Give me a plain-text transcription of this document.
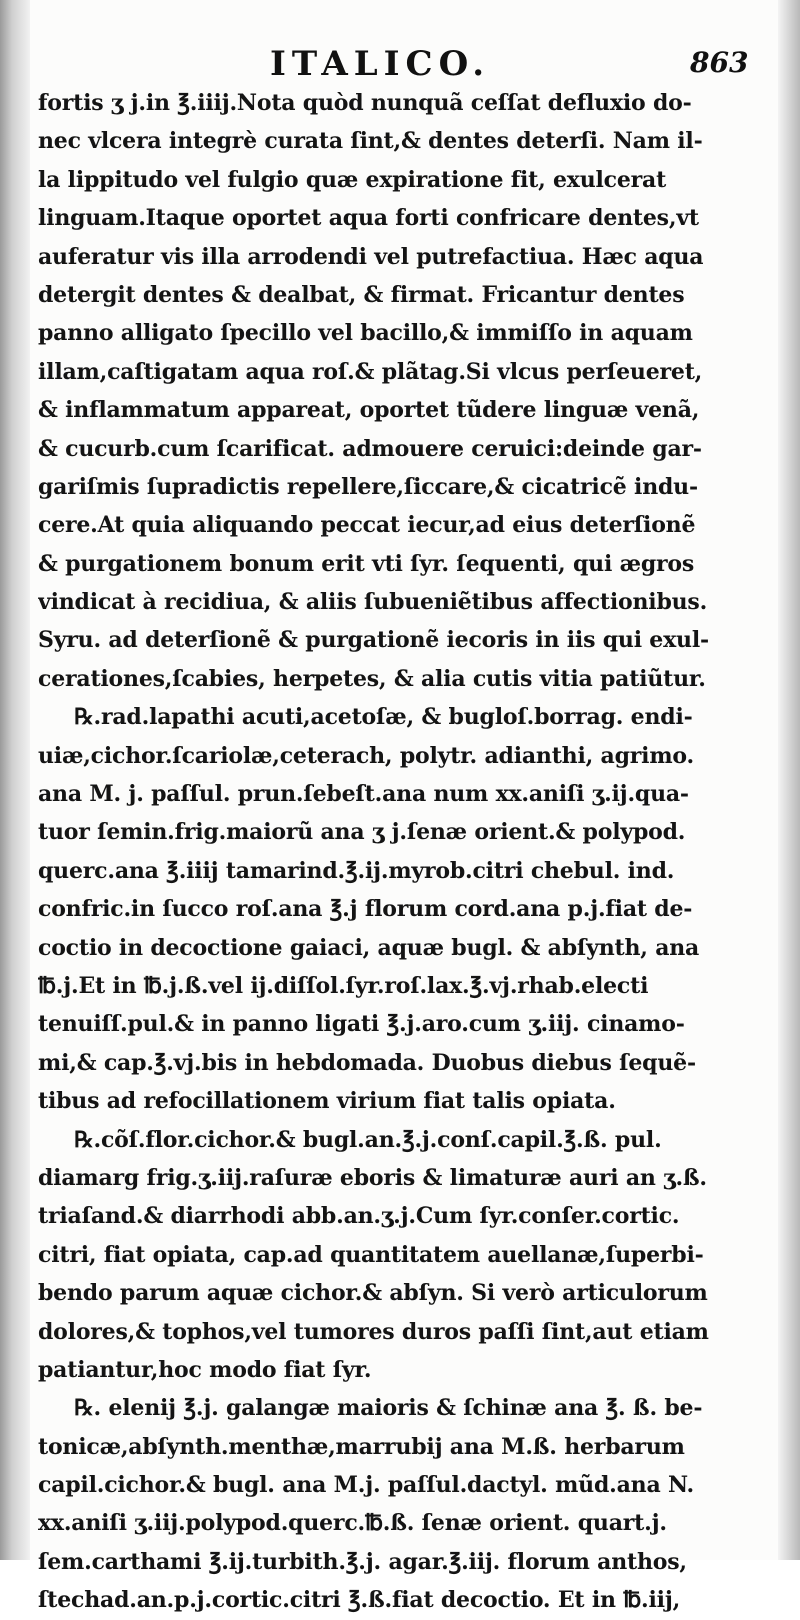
ITALICO.	863
fortis ʒ j.in ℥.iiij.Nota quòd nunquã ceſſat defluxio do-
nec vlcera integrè curata ſint,& dentes deterſi. Nam il-
la lippitudo vel fulgio quæ expiratione fit, exulcerat
linguam.Itaque oportet aqua forti confricare dentes,vt
auferatur vis illa arrodendi vel putrefactiua. Hæc aqua
detergit dentes & dealbat, & firmat. Fricantur dentes
panno alligato ſpecillo vel bacillo,& immiſſo in aquam
illam,caſtigatam aqua roſ.& plãtag.Si vlcus perſeueret,
& inflammatum appareat, oportet tũdere linguæ venã,
& cucurb.cum ſcarificat. admouere ceruici:deinde gar-
gariſmis ſupradictis repellere,ſiccare,& cicatricẽ indu-
cere.At quia aliquando peccat iecur,ad eius deterſionẽ
& purgationem bonum erit vti ſyr. ſequenti, qui ægros
vindicat à recidiua, & aliis ſubueniẽtibus affectionibus.
Syru. ad deterſionẽ & purgationẽ iecoris in iis qui exul-
cerationes,ſcabies, herpetes, & alia cutis vitia patiũtur.
℞.rad.lapathi acuti,acetoſæ, & bugloſ.borrag. endi-
uiæ,cichor.ſcariolæ,ceterach, polytr. adianthi, agrimo.
ana M. j. paſſul. prun.ſebeſt.ana num xx.aniſi ʒ.ij.qua-
tuor ſemin.frig.maiorũ ana ʒ j.ſenæ orient.& polypod.
querc.ana ℥.iiij tamarind.℥.ij.myrob.citri chebul. ind.
confric.in ſucco roſ.ana ℥.j florum cord.ana p.j.fiat de-
coctio in decoctione gaiaci, aquæ bugl. & abſynth, ana
℔.j.Et in ℔.j.ß.vel ij.diſſol.ſyr.roſ.lax.℥.vj.rhab.electi
tenuiſſ.pul.& in panno ligati ℥.j.aro.cum ʒ.iij. cinamo-
mi,& cap.℥.vj.bis in hebdomada. Duobus diebus ſequẽ-
tibus ad refocillationem virium fiat talis opiata.
℞.cõſ.flor.cichor.& bugl.an.℥.j.conſ.capil.℥.ß. pul.
diamarg frig.ʒ.iij.raſuræ eboris & limaturæ auri an ʒ.ß.
triaſand.& diarrhodi abb.an.ʒ.j.Cum ſyr.conſer.cortic.
citri, fiat opiata, cap.ad quantitatem auellanæ,ſuperbi-
bendo parum aquæ cichor.& abſyn. Si verò articulorum
dolores,& tophos,vel tumores duros paſſi ſint,aut etiam
patiantur,hoc modo fiat ſyr.
℞. elenij ℥.j. galangæ maioris & ſchinæ ana ℥. ß. be-
tonicæ,abſynth.menthæ,marrubij ana M.ß. herbarum
capil.cichor.& bugl. ana M.j. paſſul.dactyl. mũd.ana N.
xx.aniſi ʒ.iij.polypod.querc.℔.ß. ſenæ orient. quart.j.
ſem.carthami ℥.ij.turbith.℥.j. agar.℥.iij. florum anthos,
ſtechad.an.p.j.cortic.citri ℥.ß.fiat decoctio. Et in ℔.iij,
